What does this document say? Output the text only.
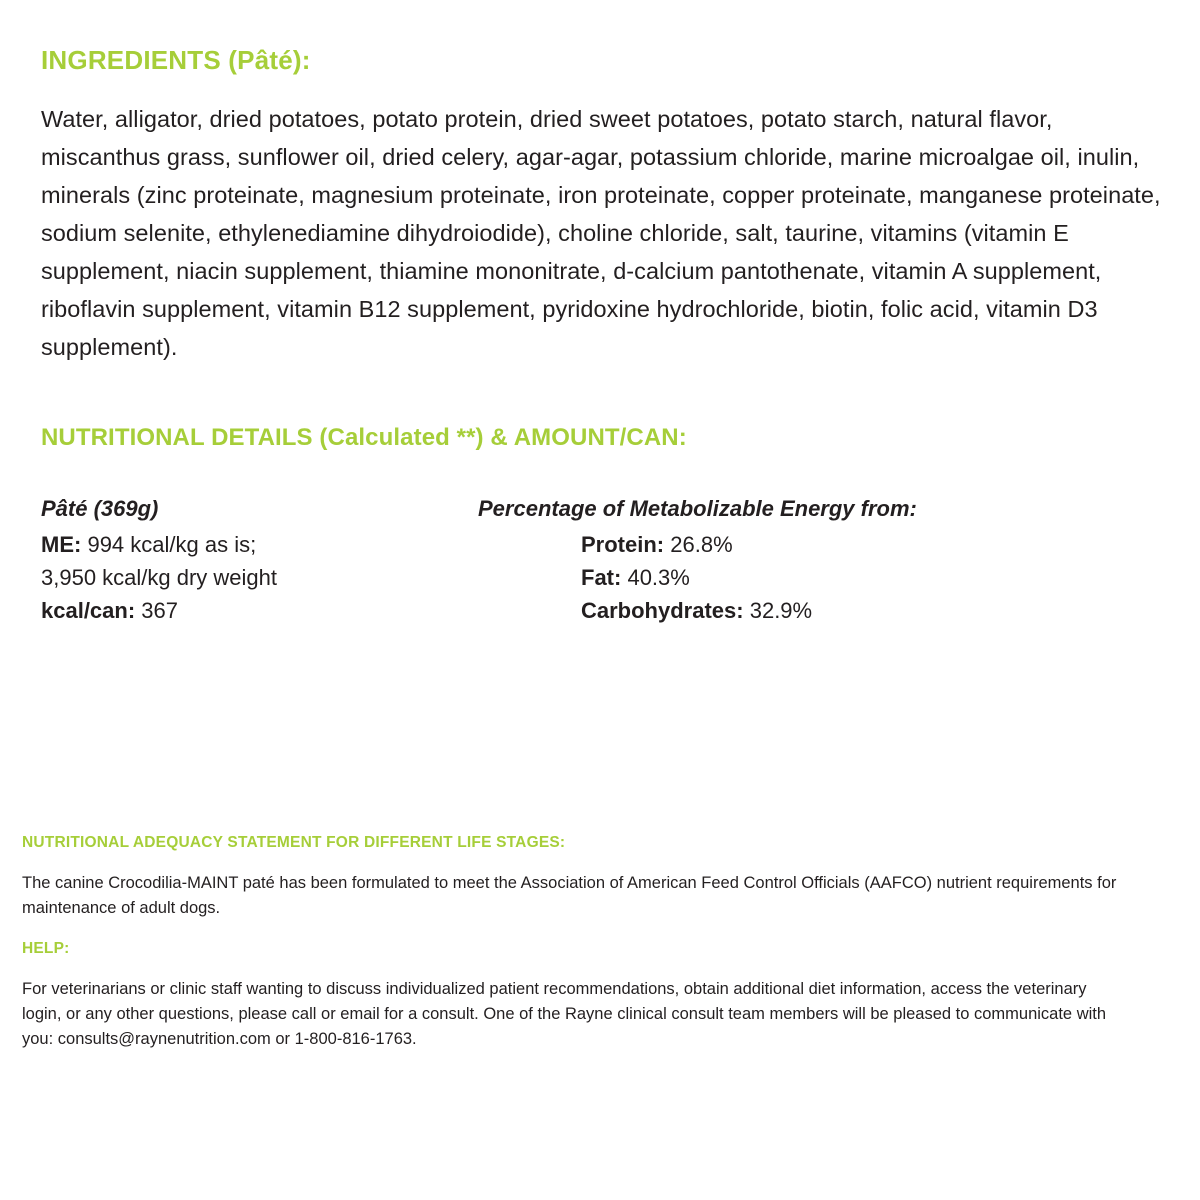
INGREDIENTS (Pâté):

Water, alligator, dried potatoes, potato protein, dried sweet potatoes, potato starch, natural flavor, miscanthus grass, sunflower oil, dried celery, agar-agar, potassium chloride, marine microalgae oil, inulin, minerals (zinc proteinate, magnesium proteinate, iron proteinate, copper proteinate, manganese proteinate, sodium selenite, ethylenediamine dihydroiodide), choline chloride, salt, taurine, vitamins (vitamin E supplement, niacin supplement, thiamine mononitrate, d-calcium pantothenate, vitamin A supplement, riboflavin supplement, vitamin B12 supplement, pyridoxine hydrochloride, biotin, folic acid, vitamin D3 supplement).

NUTRITIONAL DETAILS (Calculated **) & AMOUNT/CAN:
Pâté (369g)
ME: 994 kcal/kg as is;
3,950 kcal/kg dry weight
kcal/can: 367
Percentage of Metabolizable Energy from:
Protein: 26.8%
Fat: 40.3%
Carbohydrates: 32.9%
NUTRITIONAL ADEQUACY STATEMENT FOR DIFFERENT LIFE STAGES:

The canine Crocodilia-MAINT paté has been formulated to meet the Association of American Feed Control Officials (AAFCO) nutrient requirements for maintenance of adult dogs.

HELP:

For veterinarians or clinic staff wanting to discuss individualized patient recommendations, obtain additional diet information, access the veterinary login, or any other questions, please call or email for a consult. One of the Rayne clinical consult team members will be pleased to communicate with you: consults@raynenutrition.com or 1-800-816-1763.
